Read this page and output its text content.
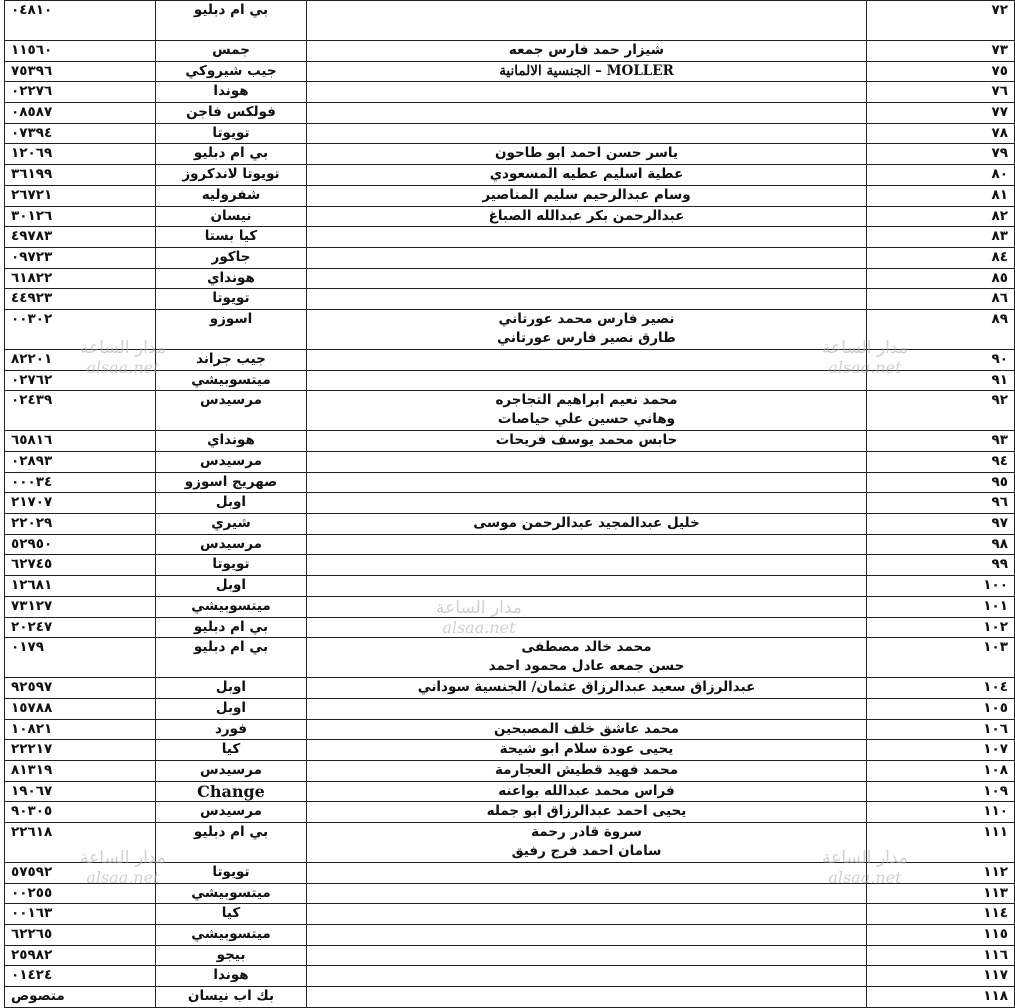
٧٢		بي ام دبليو	٠٤٨١٠
٧٣	شيزار حمد فارس جمعه	جمس	١١٥٦٠
٧٥	MOLLER – الجنسية الالمانية	جيب شيروكي	٧٥٣٩٦
٧٦		هوندا	٠٢٢٧٦
٧٧		فولكس فاجن	٠٨٥٨٧
٧٨		تويوتا	٠٧٣٩٤
٧٩	ياسر حسن احمد ابو طاحون	بي ام دبليو	١٢٠٦٩
٨٠	عطية اسليم عطيه المسعودي	تويوتا لاندكروز	٣٦١٩٩
٨١	وسام عبدالرحيم سليم المناصير	شفروليه	٢٦٧٢١
٨٢	عبدالرحمن بكر عبدالله الصباغ	نيسان	٣٠١٢٦
٨٣		كيا بستا	٤٩٧٨٣
٨٤		جاكور	٠٩٧٢٣
٨٥		هونداي	٦١٨٢٢
٨٦		تويوتا	٤٤٩٢٣
٨٩	نصير فارس محمد عورتاني
طارق نصير فارس عورتاني	اسوزو	٠٠٣٠٢
٩٠		جيب جراند	٨٢٢٠١
٩١		ميتسوبيشي	٠٢٧٦٢
٩٢	محمد نعيم ابراهيم التجاجره
وهاني حسين علي حياصات	مرسيدس	٠٢٤٣٩
٩٣	حابس محمد يوسف فريحات	هونداي	٦٥٨١٦
٩٤		مرسيدس	٠٢٨٩٣
٩٥		صهريج اسوزو	٠٠٠٣٤
٩٦		اوبل	٢١٧٠٧
٩٧	خليل عبدالمجيد عبدالرحمن موسى	شيري	٢٢٠٢٩
٩٨		مرسيدس	٥٢٩٥٠
٩٩		تويوتا	٦٢٧٤٥
١٠٠		اوبل	١٢٦٨١
١٠١		ميتسوبيشي	٧٣١٢٧
١٠٢		بي ام دبليو	٢٠٢٤٧
١٠٣	محمد خالد مصطفى
حسن جمعه عادل محمود احمد	بي ام دبليو	٠١٧٩
١٠٤	عبدالرزاق سعيد عبدالرزاق عثمان/ الجنسية سوداني	اوبل	٩٢٥٩٧
١٠٥		اوبل	١٥٧٨٨
١٠٦	محمد عاشق خلف المصبحين	فورد	١٠٨٢١
١٠٧	يحيى عودة سلام ابو شيحة	كيا	٢٢٢١٧
١٠٨	محمد فهيد قطيش العجارمة	مرسيدس	٨١٣١٩
١٠٩	فراس محمد عبدالله بواعنه	Change	١٩٠٦٧
١١٠	يحيى احمد عبدالرزاق ابو جمله	مرسيدس	٩٠٣٠٥
١١١	سروة قادر رحمة
سامان احمد فرج رفيق	بي ام دبليو	٢٢٦١٨
١١٢		تويوتا	٥٧٥٩٢
١١٣		ميتسوبيشي	٠٠٢٥٥
١١٤		كيا	٠٠١٦٣
١١٥		ميتسوبيشي	٦٢٢٦٥
١١٦		بيجو	٢٥٩٨٢
١١٧		هوندا	٠١٤٢٤
١١٨		بك اب نيسان	متصوص
مدار الساعة
alsaa.net
مدار الساعة
alsaa.net
مدار الساعة
alsaa.net
مدار الساعة
alsaa.net
مدار الساعة
alsaa.net
